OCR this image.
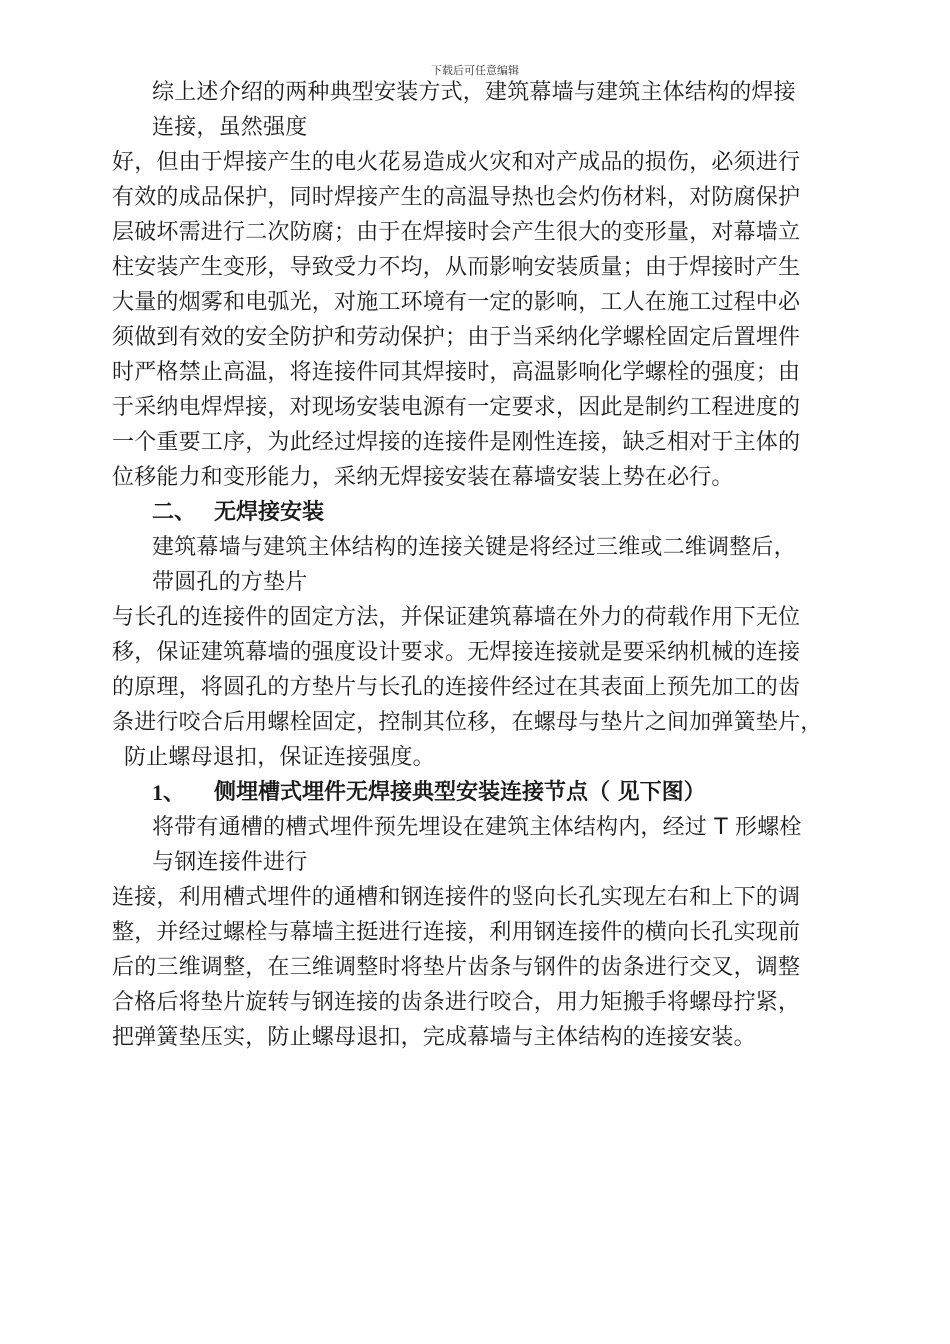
下载后可任意编辑
综上述介绍的两种典型安装方式，建筑幕墙与建筑主体结构的焊接
连接，虽然强度
好，但由于焊接产生的电火花易造成火灾和对产成品的损伤，必须进行
有效的成品保护，同时焊接产生的高温导热也会灼伤材料，对防腐保护
层破坏需进行二次防腐；由于在焊接时会产生很大的变形量，对幕墙立
柱安装产生变形，导致受力不均，从而影响安装质量；由于焊接时产生
大量的烟雾和电弧光，对施工环境有一定的影响，工人在施工过程中必
须做到有效的安全防护和劳动保护；由于当采纳化学螺栓固定后置埋件
时严格禁止高温，将连接件同其焊接时，高温影响化学螺栓的强度；由
于采纳电焊焊接，对现场安装电源有一定要求，因此是制约工程进度的
一个重要工序，为此经过焊接的连接件是刚性连接，缺乏相对于主体的
位移能力和变形能力，采纳无焊接安装在幕墙安装上势在必行。
二、 无焊接安装
建筑幕墙与建筑主体结构的连接关键是将经过三维或二维调整后，
带圆孔的方垫片
与长孔的连接件的固定方法，并保证建筑幕墙在外力的荷载作用下无位
移，保证建筑幕墙的强度设计要求。无焊接连接就是要采纳机械的连接
的原理，将圆孔的方垫片与长孔的连接件经过在其表面上预先加工的齿
条进行咬合后用螺栓固定，控制其位移，在螺母与垫片之间加弹簧垫片，
防止螺母退扣，保证连接强度。
1、 侧埋槽式埋件无焊接典型安装连接节点（ 见下图）
将带有通槽的槽式埋件预先埋设在建筑主体结构内，经过 T 形螺栓
与钢连接件进行
连接，利用槽式埋件的通槽和钢连接件的竖向长孔实现左右和上下的调
整，并经过螺栓与幕墙主挺进行连接，利用钢连接件的横向长孔实现前
后的三维调整，在三维调整时将垫片齿条与钢件的齿条进行交叉，调整
合格后将垫片旋转与钢连接的齿条进行咬合，用力矩搬手将螺母拧紧，
把弹簧垫压实，防止螺母退扣，完成幕墙与主体结构的连接安装。
